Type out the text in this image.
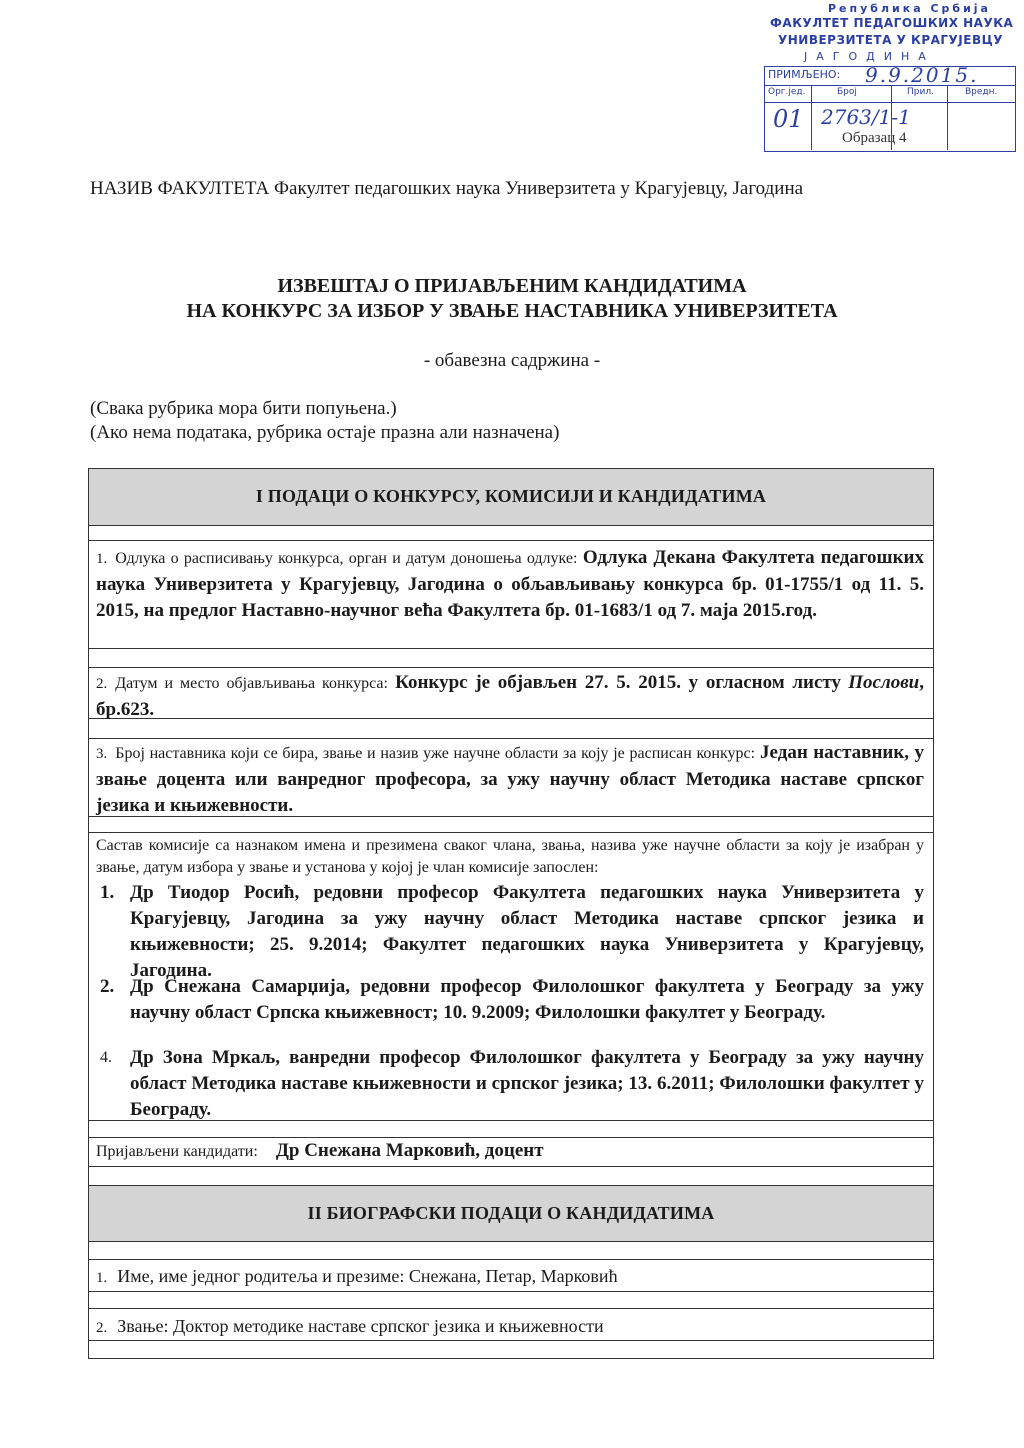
Република Србија
ФАКУЛТЕТ ПЕДАГОШКИХ НАУКА
УНИВЕРЗИТЕТА У КРАГУЈЕВЦУ
ЈАГОДИНА
ПРИМЉЕНО: 9.9.2015.
Орг.јед.	Број	Прил.	Вредн.
01 2763/1-1
Образац 4
НАЗИВ ФАКУЛТЕТА Факултет педагошких наука Универзитета у Крагујевцу, Јагодина
ИЗВЕШТАЈ О ПРИЈАВЉЕНИМ КАНДИДАТИМА
НА КОНКУРС ЗА ИЗБОР У ЗВАЊЕ НАСТАВНИКА УНИВЕРЗИТЕТА
- обавезна садржина -
(Свака рубрика мора бити попуњена.)
(Ако нема података, рубрика остаје празна али назначена)
I ПОДАЦИ О КОНКУРСУ, КОМИСИЈИ И КАНДИДАТИМА
II БИОГРАФСКИ ПОДАЦИ О КАНДИДАТИМА
1. Одлука о расписивању конкурса, орган и датум доношења одлуке: Одлука Декана Факултета педагошких наука Универзитета у Крагујевцу, Јагодина о обљављивању конкурса бр. 01-1755/1 од 11. 5. 2015, на предлог Наставно-научног већа Факултета бр. 01-1683/1 од 7. маја 2015.год.
2. Датум и место објављивања конкурса: Конкурс је објављен 27. 5. 2015. у огласном листу Послови, бр.623.
3. Број наставника који се бира, звање и назив уже научне области за коју је расписан конкурс: Један наставник, у звање доцента или ванредног професора, за ужу научну област Методика наставе српског језика и књижевности.
Састав комисије са назнаком имена и презимена сваког члана, звања, назива уже научне области за коју је изабран у звање, датум избора у звање и установа у којој је члан комисије запослен:
1. Др Тиодор Росић, редовни професор Факултета педагошких наука Универзитета у Крагујевцу, Јагодина за ужу научну област Методика наставе српског језика и књижевности; 25. 9.2014; Факултет педагошких наука Универзитета у Крагујевцу, Јагодина.
2. Др Снежана Самарџија, редовни професор Филолошког факултета у Београду за ужу научну област Српска књижевност; 10. 9.2009; Филолошки факултет у Београду.
4. Др Зона Мркаљ, ванредни професор Филолошког факултета у Београду за ужу научну област Методика наставе књижевности и српског језика; 13. 6.2011; Филолошки факултет у Београду.
Пријављени кандидати: Др Снежана Марковић, доцент
1. Име, име једног родитеља и презиме: Снежана, Петар, Марковић
2. Звање: Доктор методике наставе српског језика и књижевности
